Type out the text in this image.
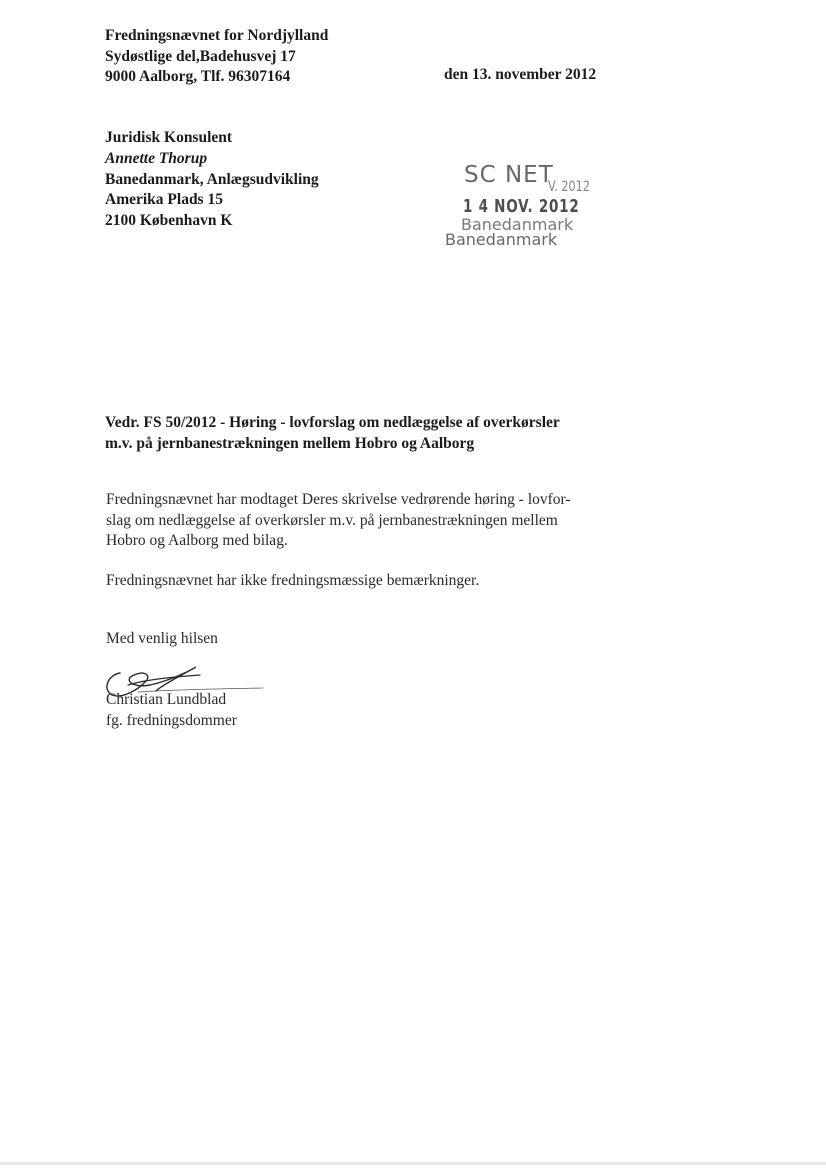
Fredningsnævnet for Nordjylland
Sydøstlige del,Badehusvej 17
9000 Aalborg, Tlf. 96307164	den 13. november 2012
Juridisk Konsulent
Annette Thorup
Banedanmark, Anlægsudvikling
Amerika Plads 15
2100 København K
SC NET
V. 2012
1 4 NOV. 2012
Banedanmark
Banedanmark
Vedr. FS 50/2012 - Høring - lovforslag om nedlæggelse af overkørsler
m.v. på jernbanestrækningen mellem Hobro og Aalborg

Fredningsnævnet har modtaget Deres skrivelse vedrørende høring - lovfor-
slag om nedlæggelse af overkørsler m.v. på jernbanestrækningen mellem
Hobro og Aalborg med bilag.

Fredningsnævnet har ikke fredningsmæssige bemærkninger.

Med venlig hilsen
Christian Lundblad
fg. fredningsdommer
